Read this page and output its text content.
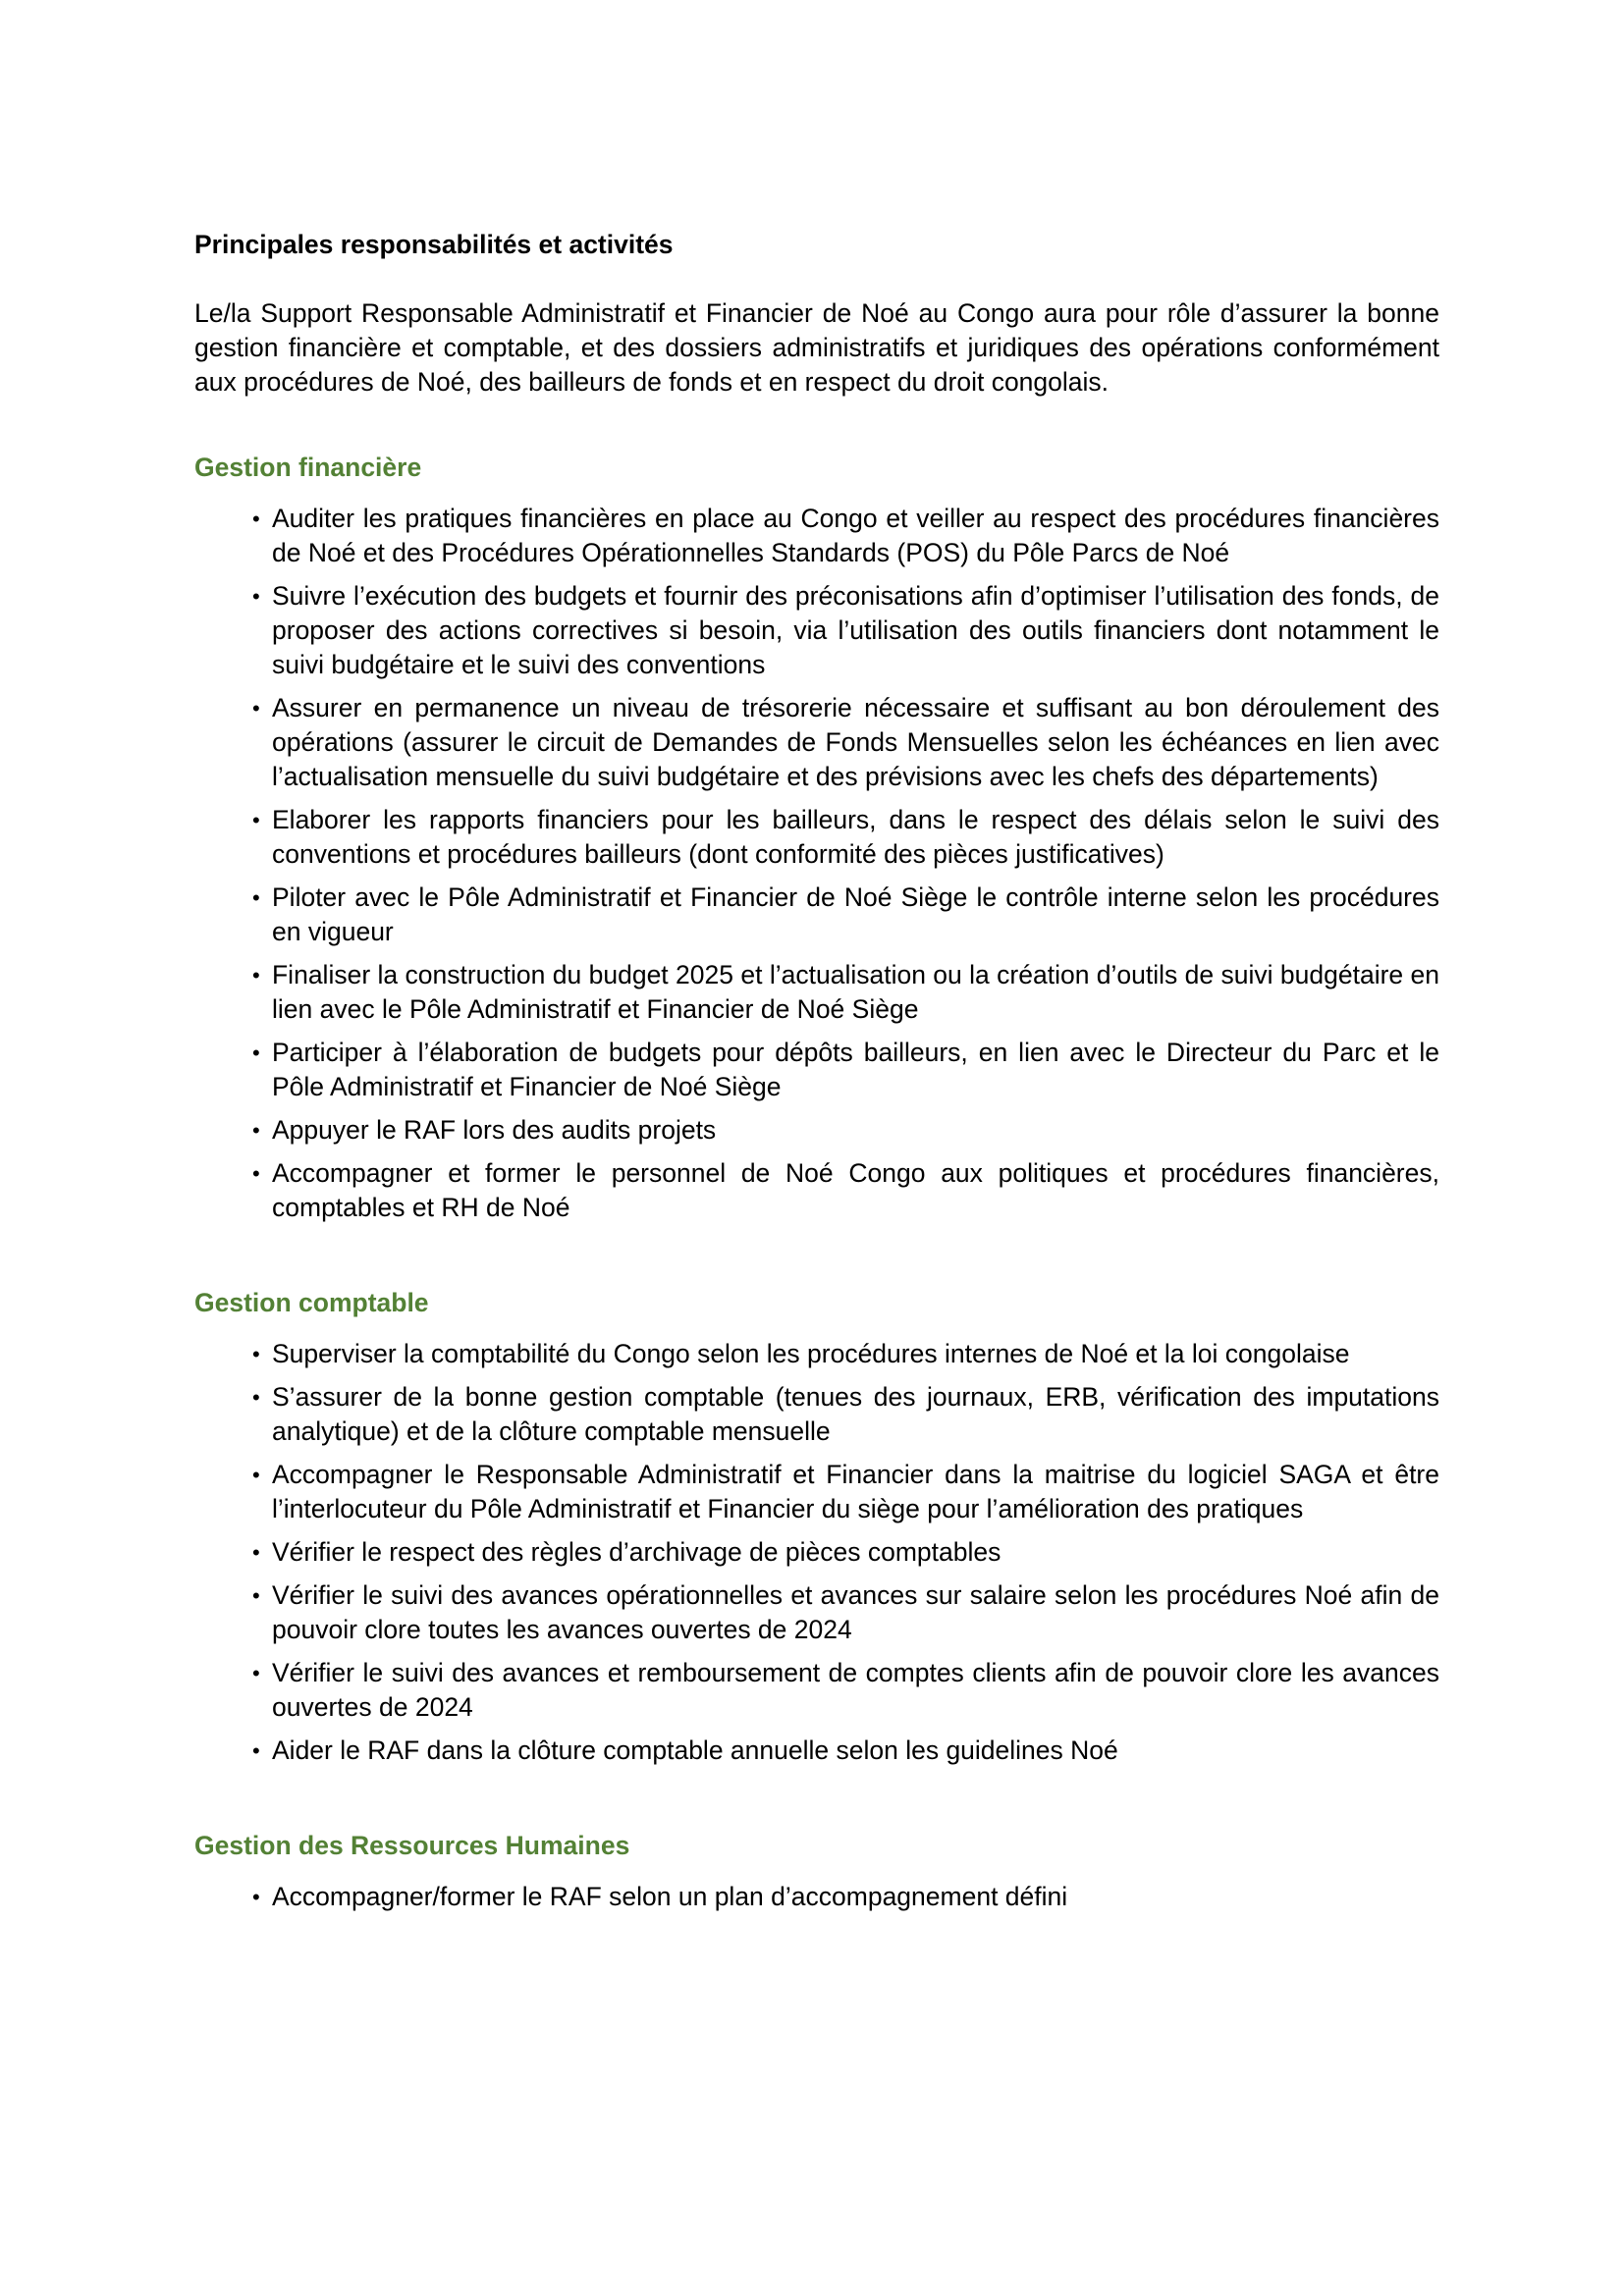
Principales responsabilités et activités

Le/la Support Responsable Administratif et Financier de Noé au Congo aura pour rôle d’assurer la bonne gestion financière et comptable, et des dossiers administratifs et juridiques des opérations conformément aux procédures de Noé, des bailleurs de fonds et en respect du droit congolais.

Gestion financière
• Auditer les pratiques financières en place au Congo et veiller au respect des procédures financières de Noé et des Procédures Opérationnelles Standards (POS) du Pôle Parcs de Noé
• Suivre l’exécution des budgets et fournir des préconisations afin d’optimiser l’utilisation des fonds, de proposer des actions correctives si besoin, via l’utilisation des outils financiers dont notamment le suivi budgétaire et le suivi des conventions
• Assurer en permanence un niveau de trésorerie nécessaire et suffisant au bon déroulement des opérations (assurer le circuit de Demandes de Fonds Mensuelles selon les échéances en lien avec l’actualisation mensuelle du suivi budgétaire et des prévisions avec les chefs des départements)
• Elaborer les rapports financiers pour les bailleurs, dans le respect des délais selon le suivi des conventions et procédures bailleurs (dont conformité des pièces justificatives)
• Piloter avec le Pôle Administratif et Financier de Noé Siège le contrôle interne selon les procédures en vigueur
• Finaliser la construction du budget 2025 et l’actualisation ou la création d’outils de suivi budgétaire en lien avec le Pôle Administratif et Financier de Noé Siège
• Participer à l’élaboration de budgets pour dépôts bailleurs, en lien avec le Directeur du Parc et le Pôle Administratif et Financier de Noé Siège
• Appuyer le RAF lors des audits projets
• Accompagner et former le personnel de Noé Congo aux politiques et procédures financières, comptables et RH de Noé
Gestion comptable
• Superviser la comptabilité du Congo selon les procédures internes de Noé et la loi congolaise
• S’assurer de la bonne gestion comptable (tenues des journaux, ERB, vérification des imputations analytique) et de la clôture comptable mensuelle
• Accompagner le Responsable Administratif et Financier dans la maitrise du logiciel SAGA et être l’interlocuteur du Pôle Administratif et Financier du siège pour l’amélioration des pratiques
• Vérifier le respect des règles d’archivage de pièces comptables
• Vérifier le suivi des avances opérationnelles et avances sur salaire selon les procédures Noé afin de pouvoir clore toutes les avances ouvertes de 2024
• Vérifier le suivi des avances et remboursement de comptes clients afin de pouvoir clore les avances ouvertes de 2024
• Aider le RAF dans la clôture comptable annuelle selon les guidelines Noé
Gestion des Ressources Humaines
• Accompagner/former le RAF selon un plan d’accompagnement défini
